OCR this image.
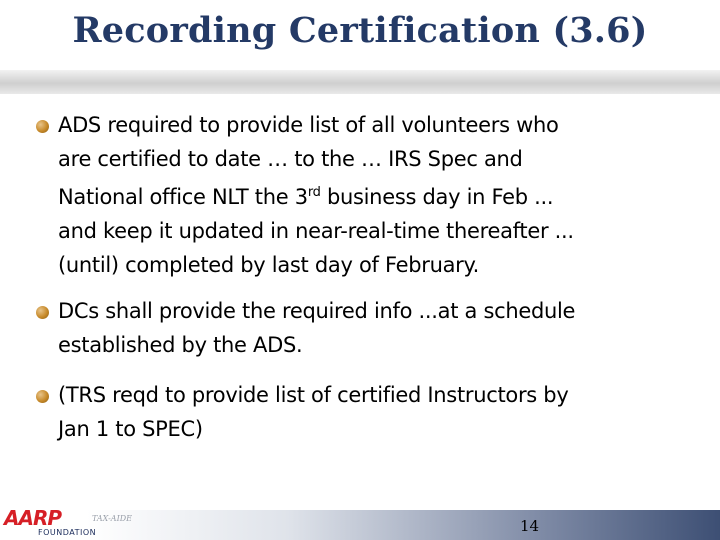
Recording Certification (3.6)
ADS required to provide list of all volunteers who
are certified to date … to the … IRS Spec and
National office NLT the 3rd business day in Feb ...
and keep it updated in near-real-time thereafter ...
(until) completed by last day of February.
DCs shall provide the required info ...at a schedule
established by the ADS.
(TRS reqd to provide list of certified Instructors by
Jan 1 to SPEC)
AARP
FOUNDATION
TAX-AIDE	14
